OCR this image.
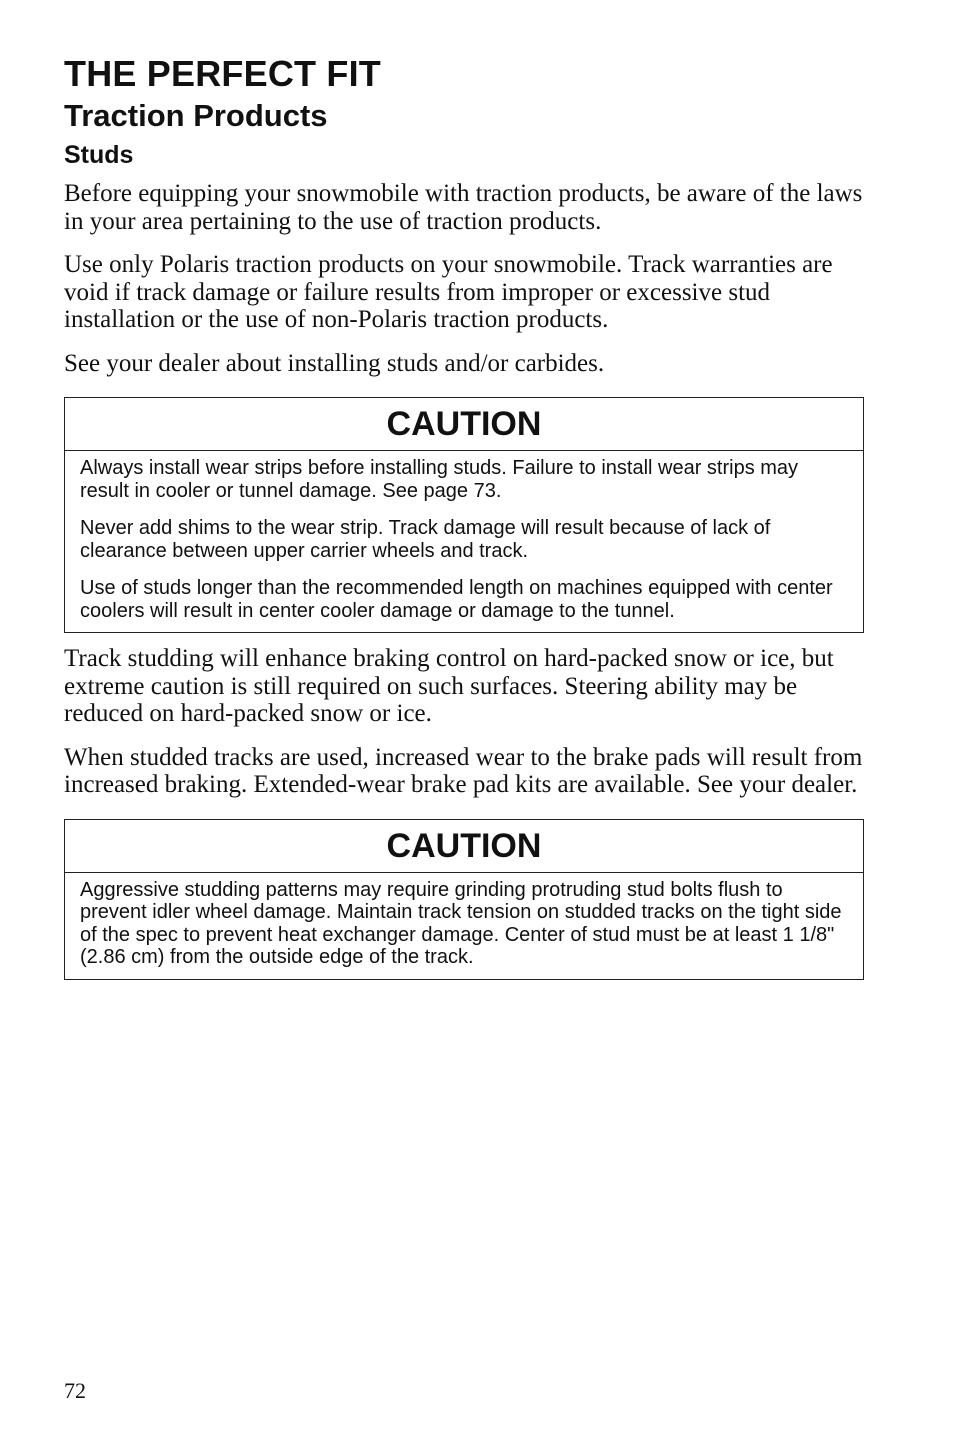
THE PERFECT FIT
Traction Products
Studs

Before equipping your snowmobile with traction products, be aware of the laws in your area pertaining to the use of traction products.

Use only Polaris traction products on your snowmobile. Track warranties are void if track damage or failure results from improper or excessive stud installation or the use of non-Polaris traction products.

See your dealer about installing studs and/or carbides.

CAUTION

Always install wear strips before installing studs. Failure to install wear strips may result in cooler or tunnel damage. See page 73.

Never add shims to the wear strip. Track damage will result because of lack of clearance between upper carrier wheels and track.

Use of studs longer than the recommended length on machines equipped with center coolers will result in center cooler damage or damage to the tunnel.

Track studding will enhance braking control on hard-packed snow or ice, but extreme caution is still required on such surfaces. Steering ability may be reduced on hard-packed snow or ice.

When studded tracks are used, increased wear to the brake pads will result from increased braking. Extended-wear brake pad kits are available. See your dealer.

CAUTION

Aggressive studding patterns may require grinding protruding stud bolts flush to prevent idler wheel damage. Maintain track tension on studded tracks on the tight side of the spec to prevent heat exchanger damage. Center of stud must be at least 1 1/8" (2.86 cm) from the outside edge of the track.

72
